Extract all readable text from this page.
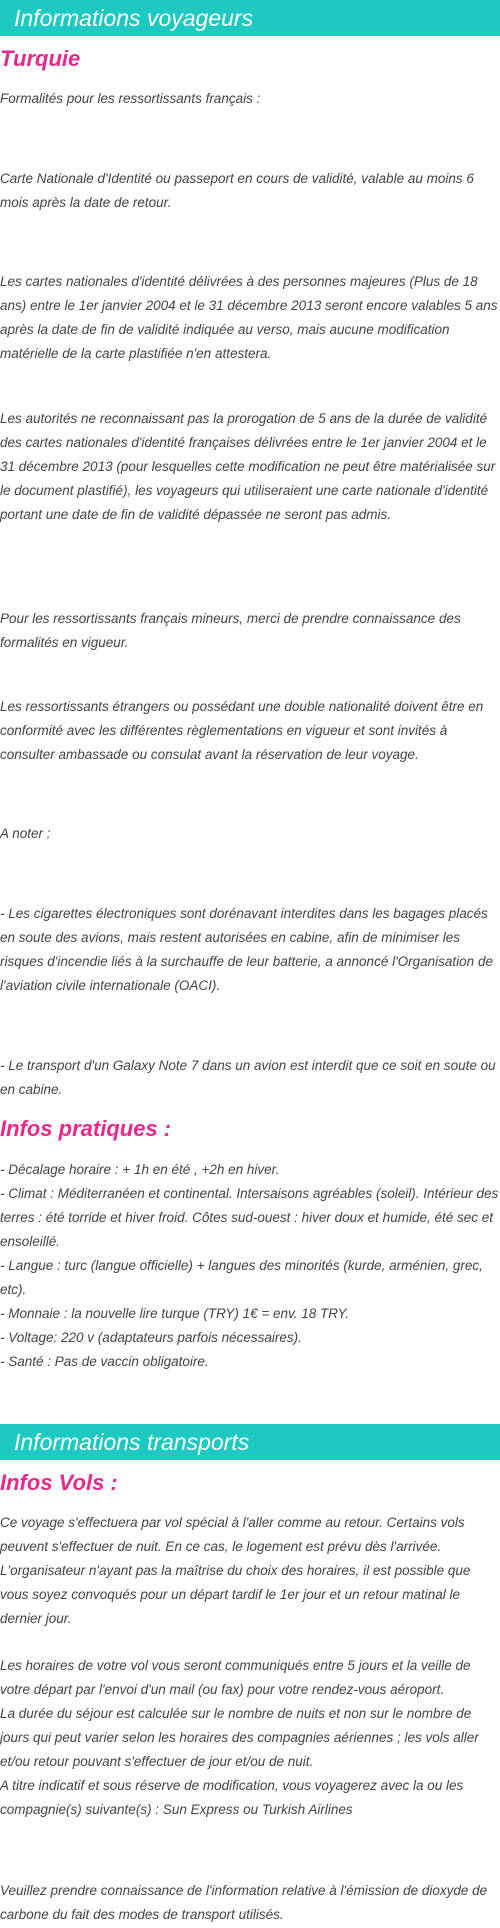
Informations voyageurs
Turquie

Formalités pour les ressortissants français :

Carte Nationale d'Identité ou passeport en cours de validité, valable au moins 6 mois après la date de retour.

Les cartes nationales d'identité délivrées à des personnes majeures (Plus de 18 ans) entre le 1er janvier 2004 et le 31 décembre 2013 seront encore valables 5 ans après la date de fin de validité indiquée au verso, mais aucune modification matérielle de la carte plastifiée n'en attestera.

Les autorités ne reconnaissant pas la prorogation de 5 ans de la durée de validité des cartes nationales d'identité françaises délivrées entre le 1er janvier 2004 et le 31 décembre 2013 (pour lesquelles cette modification ne peut être matérialisée sur le document plastifié), les voyageurs qui utiliseraient une carte nationale d'identité portant une date de fin de validité dépassée ne seront pas admis.

Pour les ressortissants français mineurs, merci de prendre connaissance des formalités en vigueur.

Les ressortissants étrangers ou possédant une double nationalité doivent être en conformité avec les différentes règlementations en vigueur et sont invités à consulter ambassade ou consulat avant la réservation de leur voyage.

A noter :

- Les cigarettes électroniques sont dorénavant interdites dans les bagages placés en soute des avions, mais restent autorisées en cabine, afin de minimiser les risques d'incendie liés à la surchauffe de leur batterie, a annoncé l'Organisation de l'aviation civile internationale (OACI).

- Le transport d'un Galaxy Note 7 dans un avion est interdit que ce soit en soute ou en cabine.

Infos pratiques :
- Décalage horaire : + 1h en été , +2h en hiver.
- Climat : Méditerranéen et continental. Intersaisons agréables (soleil). Intérieur des terres : été torride et hiver froid. Côtes sud-ouest : hiver doux et humide, été sec et ensoleillé.
- Langue : turc (langue officielle) + langues des minorités (kurde, arménien, grec, etc).
- Monnaie : la nouvelle lire turque (TRY) 1€ = env. 18 TRY.
- Voltage: 220 v (adaptateurs parfois nécessaires).
- Santé : Pas de vaccin obligatoire.
Informations transports
Infos Vols :

Ce voyage s'effectuera par vol spécial à l'aller comme au retour. Certains vols peuvent s'effectuer de nuit. En ce cas, le logement est prévu dès l'arrivée. L'organisateur n'ayant pas la maîtrise du choix des horaires, il est possible que vous soyez convoqués pour un départ tardif le 1er jour et un retour matinal le dernier jour.

Les horaires de votre vol vous seront communiqués entre 5 jours et la veille de votre départ par l'envoi d'un mail (ou fax) pour votre rendez-vous aéroport.
La durée du séjour est calculée sur le nombre de nuits et non sur le nombre de jours qui peut varier selon les horaires des compagnies aériennes ; les vols aller et/ou retour pouvant s'effectuer de jour et/ou de nuit.
A titre indicatif et sous réserve de modification, vous voyagerez avec la ou les compagnie(s) suivante(s) : Sun Express ou Turkish Airlines

Veuillez prendre connaissance de l'information relative à l'émission de dioxyde de carbone du fait des modes de transport utilisés.
